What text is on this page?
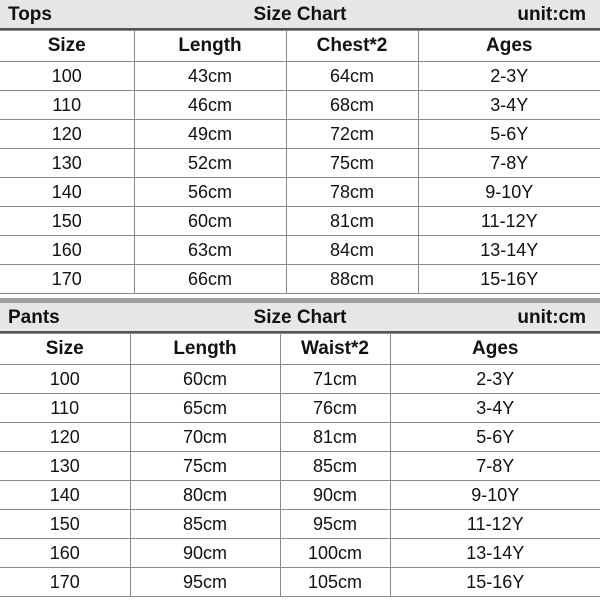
Size Chart
Tops	unit:cm
Size	Length	Chest*2	Ages
100	43cm	64cm	2-3Y
110	46cm	68cm	3-4Y
120	49cm	72cm	5-6Y
130	52cm	75cm	7-8Y
140	56cm	78cm	9-10Y
150	60cm	81cm	11-12Y
160	63cm	84cm	13-14Y
170	66cm	88cm	15-16Y
Size Chart
Pants	unit:cm
Size	Length	Waist*2	Ages
100	60cm	71cm	2-3Y
110	65cm	76cm	3-4Y
120	70cm	81cm	5-6Y
130	75cm	85cm	7-8Y
140	80cm	90cm	9-10Y
150	85cm	95cm	11-12Y
160	90cm	100cm	13-14Y
170	95cm	105cm	15-16Y
